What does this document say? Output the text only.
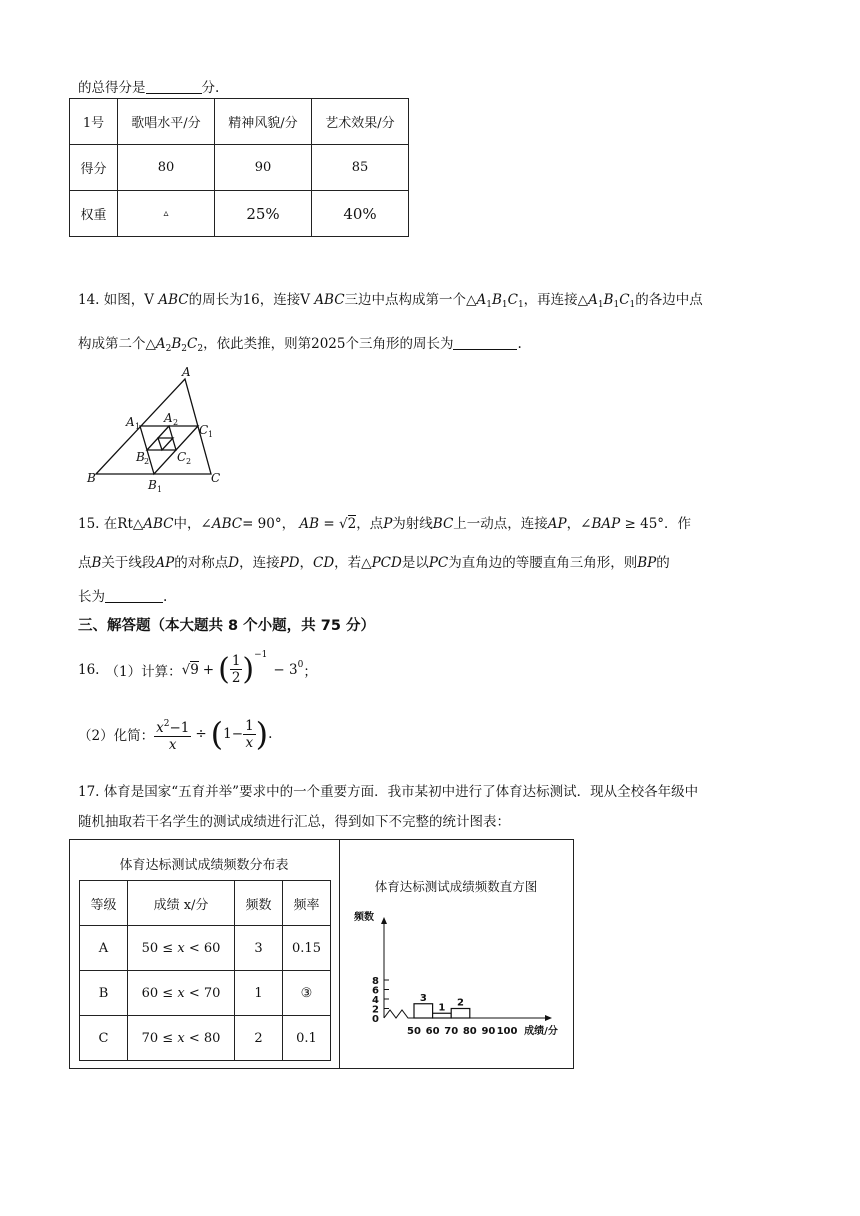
的总得分是	分.
1号	歌唱水平/分	精神风貌/分	艺术效果/分
得分	80	90	85
权重	▵	25%	40%
14. 如图，V ABC的周长为16，连接V ABC三边中点构成第一个$\triangle A_1B_1C_1$，再连接$\triangle A_1B_1C_1$的各边中点
构成第二个$\triangle A_2B_2C_2$，依此类推，则第2025个三角形的周长为	.
A
A 1
A 2
C 1
B 2 C 2
B	C
B 1
15. 在Rt△ABC中，∠ABC= 90°， AB = √2，点P为射线BC上一动点，连接AP，∠BAP ≥ 45°．作
点B关于线段AP的对称点D，连接PD，CD，若△PCD是以PC为直角边的等腰直角三角形，则BP的
长为	.
三、解答题（本大题共 8 个小题，共 75 分）
16. （1）计算： √ 9 + ( $\frac{1}{2}$ ) −1
− 3 0 ；
（2）化简： $\frac{x^2-1}{x}$ ÷ ( $1- \frac{1}{x}$ ) .
17. 体育是国家“五育并举”要求中的一个重要方面．我市某初中进行了体育达标测试．现从全校各年级中
随机抽取若干名学生的测试成绩进行汇总，得到如下不完整的统计图表：
体育达标测试成绩频数分布表
等级	成绩 x/分	频数	频率
A	50 ≤ x < 60	3	0.15
B	60 ≤ x < 70	1	③
C	70 ≤ x < 80	2	0.1
体育达标测试成绩频数直方图
频数
0
2
4
6
8
50 60 70 80 90 100 成绩/分
3
1 2
